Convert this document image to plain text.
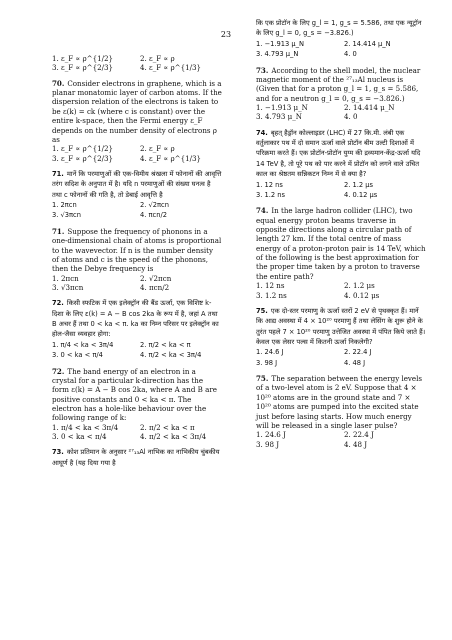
23

1. ε_F ∝ ρ^{1/2}	2. ε_F ∝ ρ
3. ε_F ∝ ρ^{2/3}	4. ε_F ∝ ρ^{1/3}

70. Consider electrons in graphene, which is a planar monatomic layer of carbon atoms. If the dispersion relation of the electrons is taken to be ε(k) = ck (where c is constant) over the entire k-space, then the Fermi energy ε_F depends on the number density of electrons ρ as

1. ε_F ∝ ρ^{1/2}	2. ε_F ∝ ρ
3. ε_F ∝ ρ^{2/3}	4. ε_F ∝ ρ^{1/3}

71. मानें कि परमाणुओं की एक-विमीय श्रंखला में फोनानों की आवृत्ति तरंग सदिश के अनुपात में है। यदि n परमाणुओं की संख्या घनत्व है तथा c फोनानों की गति है, तो डेबाई आवृत्ति है

1. 2πcn	2. √2πcn
3. √3πcn	4. πcn/2

71. Suppose the frequency of phonons in a one-dimensional chain of atoms is proportional to the wavevector. If n is the number density of atoms and c is the speed of the phonons, then the Debye frequency is

1. 2πcn	2. √2πcn
3. √3πcn	4. πcn/2

72. किसी स्फटिक में एक इलेक्ट्रॉन की बैंड ऊर्जा, एक विशिष्ट k-दिशा के लिए ε(k) = A − B cos 2ka के रूप में है, जहां A तथा B अचर हैं तथा 0 < ka < π. ka का निम्न परिसर पर इलेक्ट्रॉन का होल-जैसा व्यवहार होगा:

1. π/4 < ka < 3π/4	2. π/2 < ka < π
3. 0 < ka < π/4	4. π/2 < ka < 3π/4

72. The band energy of an electron in a crystal for a particular k-direction has the form ε(k) = A − B cos 2ka, where A and B are positive constants and 0 < ka < π. The electron has a hole-like behaviour over the following range of k:

1. π/4 < ka < 3π/4	2. π/2 < ka < π
3. 0 < ka < π/4	4. π/2 < ka < 3π/4

73. कोश प्रतिमान के अनुसार ²⁷₁₃Al नाभिक का नाभिकीय चुंबकीय आघूर्ण है (यह दिया गया है

कि एक प्रोटॉन के लिए g_l = 1, g_s = 5.586, तथा एक न्यूट्रॉन के लिए g_l = 0, g_s = −3.826.)

1. −1.913 μ_N	2. 14.414 μ_N
3. 4.793 μ_N	4. 0

73. According to the shell model, the nuclear magnetic moment of the ²⁷₁₃Al nucleus is (Given that for a proton g_l = 1, g_s = 5.586, and for a neutron g_l = 0, g_s = −3.826.)

1. −1.913 μ_N	2. 14.414 μ_N
3. 4.793 μ_N	4. 0

74. बृहत् हैड्रॉन कोल्लाइडर (LHC) में 27 कि.मी. लंबी एक वर्तुलाकार पथ में दो समान ऊर्जा वाले प्रोटॉन बीम उल्टी दिशाओं में परिक्रमा करते हैं। एक प्रोटॉन-प्रोटॉन युग्म की द्रव्यमान-केंद्र-ऊर्जा यदि 14 TeV है, तो पूरे पथ को पार करने में प्रोटॉन को लगने वाले उचित काल का श्रेष्ठतम सन्निकटन निम्न में से क्या है?

1. 12 ns	2. 1.2 μs
3. 1.2 ns	4. 0.12 μs

74. In the large hadron collider (LHC), two equal energy proton beams traverse in opposite directions along a circular path of length 27 km. If the total centre of mass energy of a proton-proton pair is 14 TeV, which of the following is the best approximation for the proper time taken by a proton to traverse the entire path?

1. 12 ns	2. 1.2 μs
3. 1.2 ns	4. 0.12 μs

75. एक दो-स्तर परमाणु के ऊर्जा स्तरों 2 eV से पृथक्कृत हैं। मानें कि आद्य अवस्था में 4 × 10²⁰ परमाणु हैं तथा लेसिंग के शुरू होने के तुरंत पहले 7 × 10²⁰ परमाणु उत्तेजित अवस्था में पंपित किये जाते हैं। केवल एक लेसर पल्स में कितनी ऊर्जा निकलेगी?

1. 24.6 J	2. 22.4 J
3. 98 J	4. 48 J

75. The separation between the energy levels of a two-level atom is 2 eV. Suppose that 4 × 10²⁰ atoms are in the ground state and 7 × 10²⁰ atoms are pumped into the excited state just before lasing starts. How much energy will be released in a single laser pulse?

1. 24.6 J	2. 22.4 J
3. 98 J	4. 48 J
